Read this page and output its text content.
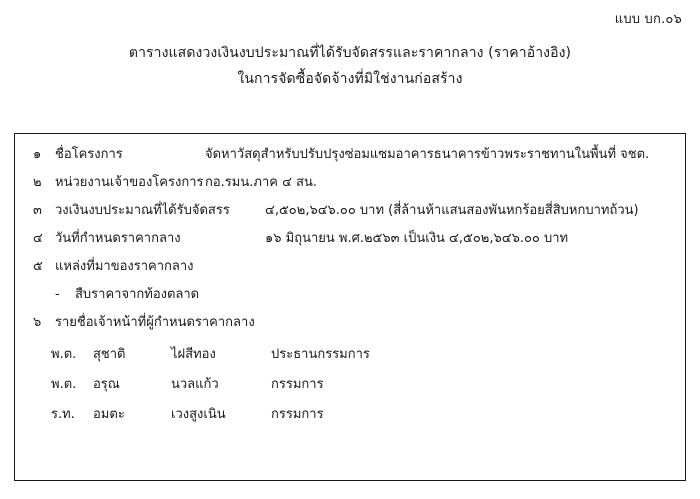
แบบ บก.๐๖
ตารางแสดงวงเงินงบประมาณที่ได้รับจัดสรรและราคากลาง (ราคาอ้างอิง)
ในการจัดซื้อจัดจ้างที่มิใช่งานก่อสร้าง
๑	ชื่อโครงการ	จัดหาวัสดุสำหรับปรับปรุงซ่อมแซมอาคารธนาคารข้าวพระราชทานในพื้นที่ จชต.
๒	หน่วยงานเจ้าของโครงการ กอ.รมน.ภาค ๔ สน.
๓	วงเงินงบประมาณที่ได้รับจัดสรร	๔,๕๐๒,๖๔๖.๐๐ บาท (สี่ล้านห้าแสนสองพันหกร้อยสี่สิบหกบาทถ้วน)
๔ วันที่กำหนดราคากลาง	๑๖ มิถุนายน พ.ศ.๒๕๖๓ เป็นเงิน ๔,๕๐๒,๖๔๖.๐๐ บาท
๕ แหล่งที่มาของราคากลาง
-	สืบราคาจากท้องตลาด
๖	รายชื่อเจ้าหน้าที่ผู้กำหนดราคากลาง
พ.ต.	สุชาติ	ไฝสีทอง	ประธานกรรมการ
พ.ต.	อรุณ	นวลแก้ว	กรรมการ
ร.ท.	อมตะ	เวงสูงเนิน	กรรมการ
